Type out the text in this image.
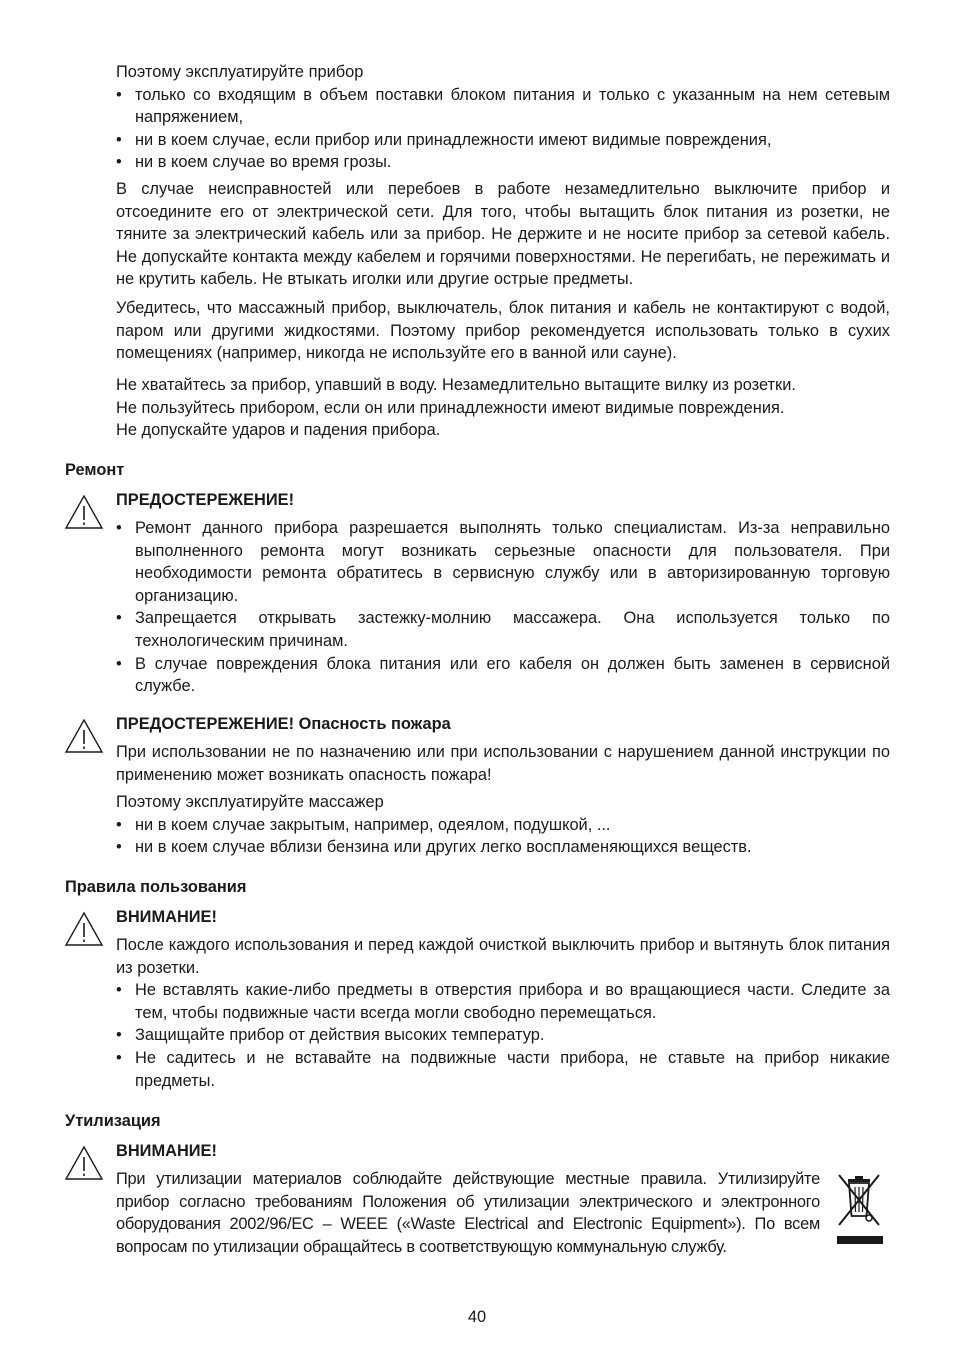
Поэтому эксплуатируйте прибор

• только со входящим в объем поставки блоком питания и только с указанным на нем сетевым напряжением,

• ни в коем случае, если прибор или принадлежности имеют видимые повреждения,

• ни в коем случае во время грозы.

В случае неисправностей или перебоев в работе незамедлительно выключите прибор и отсоедините его от электрической сети. Для того, чтобы вытащить блок питания из розетки, не тяните за электрический кабель или за прибор. Не держите и не носите прибор за сетевой кабель. Не допускайте контакта между кабелем и горячими поверхностями. Не перегибать, не пережимать и не крутить кабель. Не втыкать иголки или другие острые предметы.
Убедитесь, что массажный прибор, выключатель, блок питания и кабель не контактируют с водой, паром или другими жидкостями. Поэтому прибор рекомендуется использовать только в сухих помещениях (например, никогда не используйте его в ванной или сауне).

Не хватайтесь за прибор, упавший в воду. Незамедлительно вытащите вилку из розетки.

Не пользуйтесь прибором, если он или принадлежности имеют видимые повреждения.

Не допускайте ударов и падения прибора.

Ремонт
ПРЕДОСТЕРЕЖЕНИЕ!

• Ремонт данного прибора разрешается выполнять только специалистам. Из-за неправильно выполненного ремонта могут возникать серьезные опасности для пользователя. При необходимости ремонта обратитесь в сервисную службу или в авторизированную торговую организацию.

• Запрещается открывать застежку-молнию массажера. Она используется только по технологическим причинам.

• В случае повреждения блока питания или его кабеля он должен быть заменен в сервисной службе.

ПРЕДОСТЕРЕЖЕНИЕ! Опасность пожара
При использовании не по назначению или при использовании с нарушением данной инструкции по применению может возникать опасность пожара!

Поэтому эксплуатируйте массажер

• ни в коем случае закрытым, например, одеялом, подушкой, ...

• ни в коем случае вблизи бензина или других легко воспламеняющихся веществ.

Правила пользования
ВНИМАНИЕ!

После каждого использования и перед каждой очисткой выключить прибор и вытянуть блок питания из розетки.

• Не вставлять какие-либо предметы в отверстия прибора и во вращающиеся части. Следите за тем, чтобы подвижные части всегда могли свободно перемещаться.

• Защищайте прибор от действия высоких температур.

• Не садитесь и не вставайте на подвижные части прибора, не ставьте на прибор никакие предметы.

Утилизация
ВНИМАНИЕ!
При утилизации материалов соблюдайте действующие местные правила. Утилизируйте прибор согласно требованиям Положения об утилизации электрического и электронного оборудования 2002/96/EC – WEEE («Waste Electrical and Electronic Equipment»). По всем вопросам по утилизации обращайтесь в соответствующую коммунальную службу.
40
